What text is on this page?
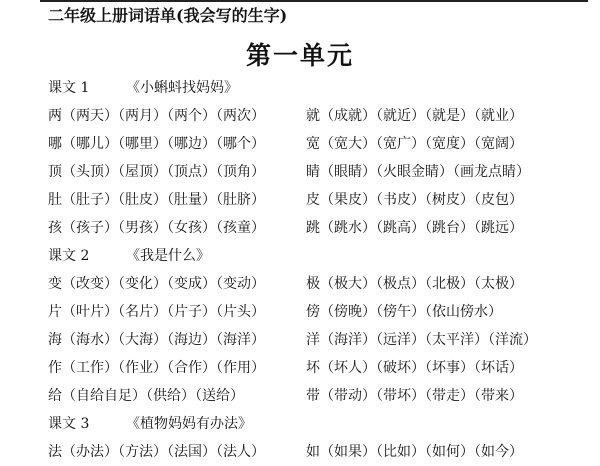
二年级上册词语单(我会写的生字)
第一单元
课文 1	《小蝌蚪找妈妈》
两（两天）（两月）（两个）（两次）	就（成就）（就近）（就是）（就业）
哪（哪儿）（哪里）（哪边）（哪个）	宽（宽大）（宽广）（宽度）（宽阔）
顶（头顶）（屋顶）（顶点）（顶角）	睛（眼睛）（火眼金睛）（画龙点睛）
肚（肚子）（肚皮）（肚量）（肚脐）	皮（果皮）（书皮）（树皮）（皮包）
孩（孩子）（男孩）（女孩）（孩童）	跳（跳水）（跳高）（跳台）（跳远）
课文 2	《我是什么》
变（改变）（变化）（变成）（变动）	极（极大）（极点）（北极）（太极）
片（叶片）（名片）（片子）（片头）	傍（傍晚）（傍午）（依山傍水）
海（海水）（大海）（海边）（海洋）	洋（海洋）（远洋）（太平洋）（洋流）
作（工作）（作业）（合作）（作用）	坏（坏人）（破坏）（坏事）（坏话）
给（自给自足）（供给）（送给）	带（带动）（带坏）（带走）（带来）
课文 3	《植物妈妈有办法》
法（办法）（方法）（法国）（法人）	如（如果）（比如）（如何）（如今）
